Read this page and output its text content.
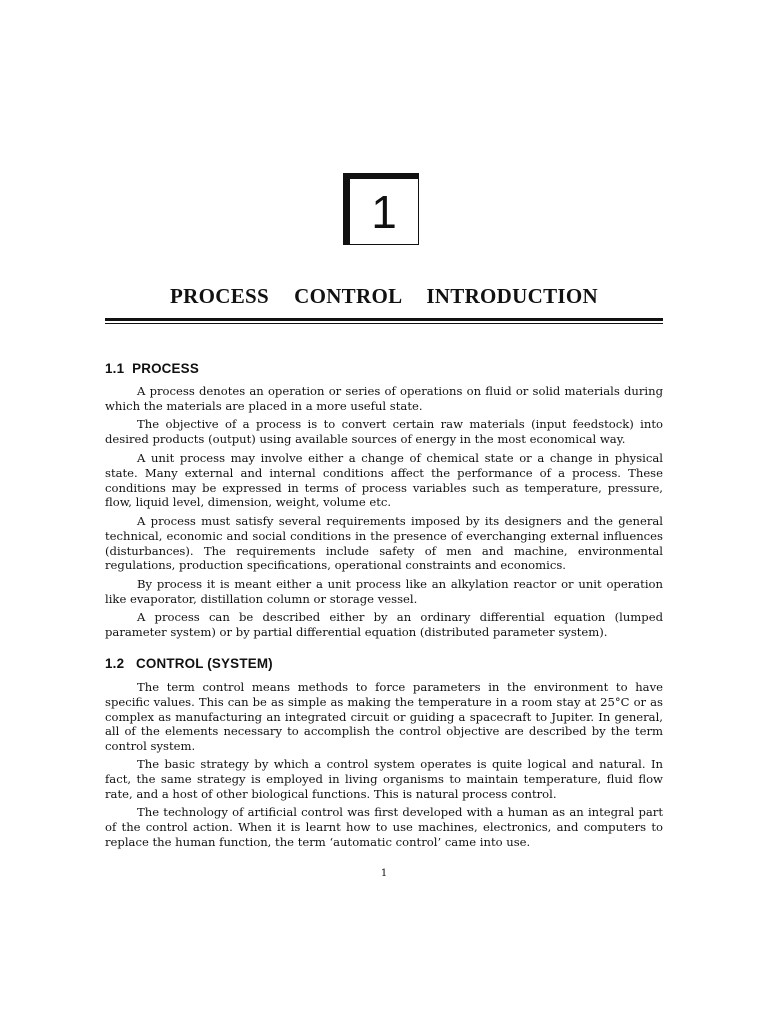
1
PROCESS  CONTROL  INTRODUCTION
1.1 PROCESS

A process denotes an operation or series of operations on fluid or solid materials during which the materials are placed in a more useful state.

The objective of a process is to convert certain raw materials (input feedstock) into desired products (output) using available sources of energy in the most economical way.

A unit process may involve either a change of chemical state or a change in physical state. Many external and internal conditions affect the performance of a process. These conditions may be expressed in terms of process variables such as temperature, pressure, flow, liquid level, dimension, weight, volume etc.

A process must satisfy several requirements imposed by its designers and the general technical, economic and social conditions in the presence of everchanging external influences (disturbances). The requirements include safety of men and machine, environmental regulations, production specifications, operational constraints and economics.

By process it is meant either a unit process like an alkylation reactor or unit operation like evaporator, distillation column or storage vessel.

A process can be described either by an ordinary differential equation (lumped parameter system) or by partial differential equation (distributed parameter system).

1.2 CONTROL (SYSTEM)

The term control means methods to force parameters in the environment to have specific values. This can be as simple as making the temperature in a room stay at 25°C or as complex as manufacturing an integrated circuit or guiding a spacecraft to Jupiter. In general, all of the elements necessary to accomplish the control objective are described by the term control system.

The basic strategy by which a control system operates is quite logical and natural. In fact, the same strategy is employed in living organisms to maintain temperature, fluid flow rate, and a host of other biological functions. This is natural process control.

The technology of artificial control was first developed with a human as an integral part of the control action. When it is learnt how to use machines, electronics, and computers to replace the human function, the term ‘automatic control’ came into use.

1
